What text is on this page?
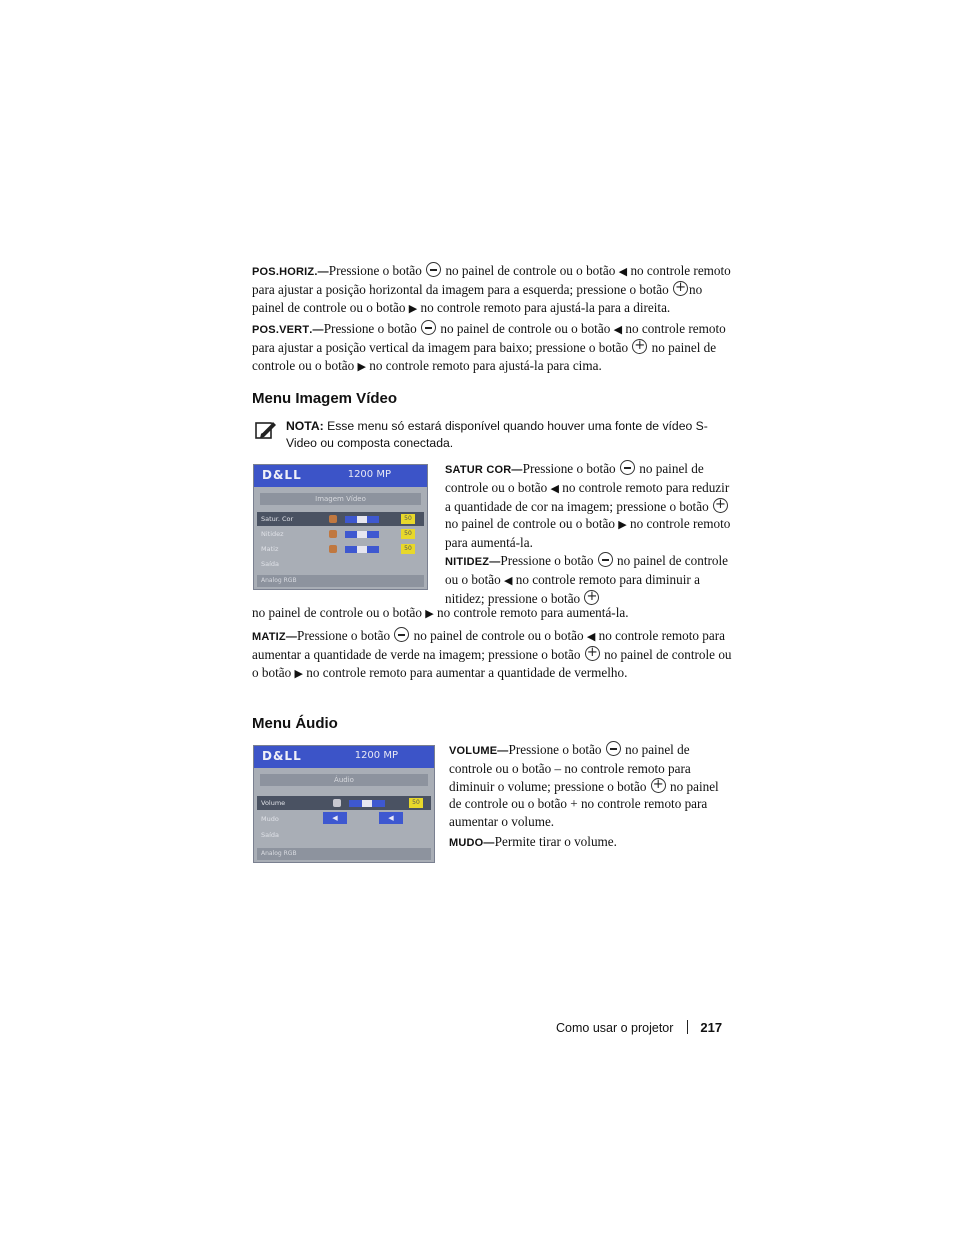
POS.HORIZ.—Pressione o botão no painel de controle ou o botão ◀ no controle remoto para ajustar a posição horizontal da imagem para a esquerda; pressione o botão + no painel de controle ou o botão ▶ no controle remoto para ajustá-la para a direita.
POS.VERT.—Pressione o botão no painel de controle ou o botão ◀ no controle remoto para ajustar a posição vertical da imagem para baixo; pressione o botão + no painel de controle ou o botão ▶ no controle remoto para ajustá-la para cima.
Menu Imagem Vídeo
NOTA: Esse menu só estará disponível quando houver uma fonte de vídeo S-Video ou composta conectada.
D&LL	1200 MP
Imagem Vídeo
Satur. Cor	50
Nitidez	50
Matiz	50
Saída
Analog RGB
SATUR COR—Pressione o botão no painel de controle ou o botão ◀ no controle remoto para reduzir a quantidade de cor na imagem; pressione o botão + no painel de controle ou o botão ▶ no controle remoto para aumentá-la.
NITIDEZ—Pressione o botão no painel de controle ou o botão ◀ no controle remoto para diminuir a nitidez; pressione o botão +
no painel de controle ou o botão ▶ no controle remoto para aumentá-la.
MATIZ—Pressione o botão no painel de controle ou o botão ◀ no controle remoto para aumentar a quantidade de verde na imagem; pressione o botão + no painel de controle ou o botão ▶ no controle remoto para aumentar a quantidade de vermelho.
Menu Áudio
D&LL	1200 MP
Áudio
Volume	50
Mudo	◀	◀
Saída
Analog RGB
VOLUME—Pressione o botão no painel de controle ou o botão – no controle remoto para diminuir o volume; pressione o botão + no painel de controle ou o botão + no controle remoto para aumentar o volume.
MUDO—Permite tirar o volume.
Como usar o projetor 217
